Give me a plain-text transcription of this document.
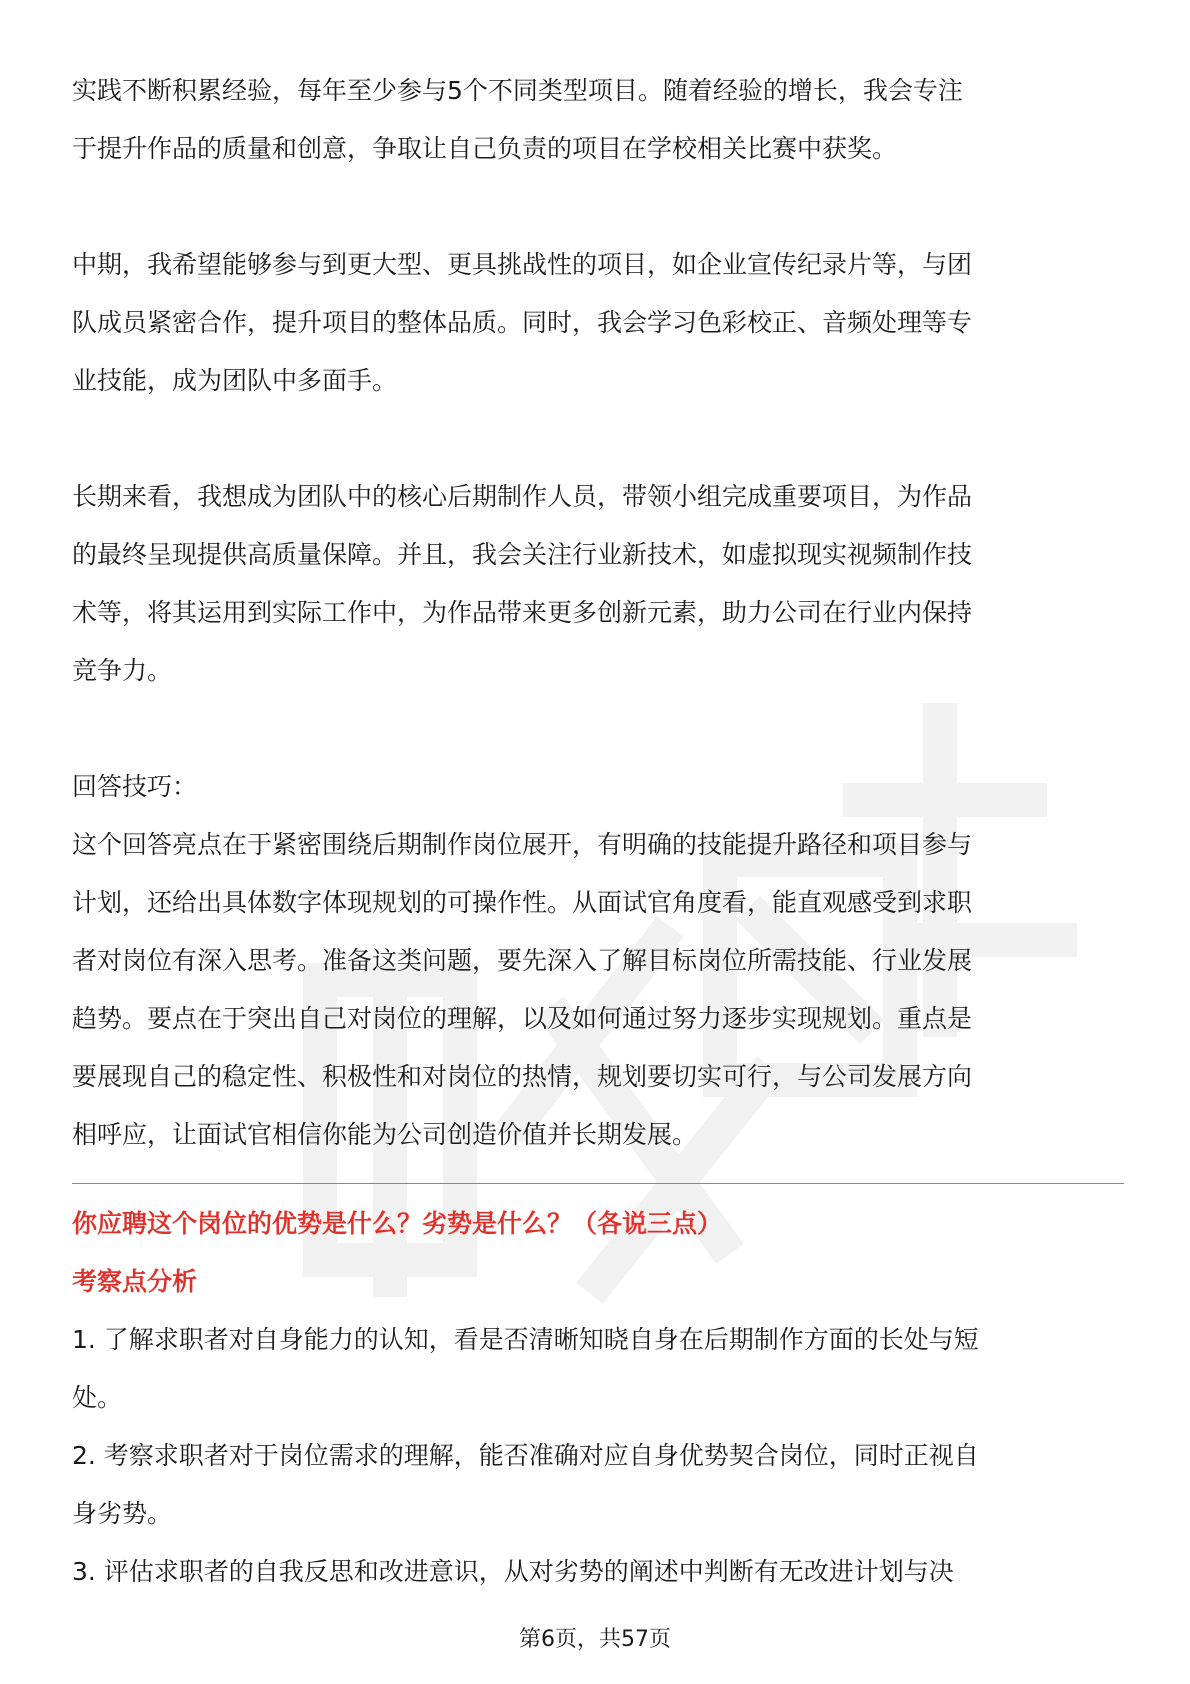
实践不断积累经验，每年至少参与5个不同类型项目。随着经验的增长，我会专注
于提升作品的质量和创意，争取让自己负责的项目在学校相关比赛中获奖。

中期，我希望能够参与到更大型、更具挑战性的项目，如企业宣传纪录片等，与团
队成员紧密合作，提升项目的整体品质。同时，我会学习色彩校正、音频处理等专
业技能，成为团队中多面手。

长期来看，我想成为团队中的核心后期制作人员，带领小组完成重要项目，为作品
的最终呈现提供高质量保障。并且，我会关注行业新技术，如虚拟现实视频制作技
术等，将其运用到实际工作中，为作品带来更多创新元素，助力公司在行业内保持
竞争力。

回答技巧：

这个回答亮点在于紧密围绕后期制作岗位展开，有明确的技能提升路径和项目参与
计划，还给出具体数字体现规划的可操作性。从面试官角度看，能直观感受到求职
者对岗位有深入思考。准备这类问题，要先深入了解目标岗位所需技能、行业发展
趋势。要点在于突出自己对岗位的理解，以及如何通过努力逐步实现规划。重点是
要展现自己的稳定性、积极性和对岗位的热情，规划要切实可行，与公司发展方向
相呼应，让面试官相信你能为公司创造价值并长期发展。

你应聘这个岗位的优势是什么？劣势是什么？（各说三点）

考察点分析

1. 了解求职者对自身能力的认知，看是否清晰知晓自身在后期制作方面的长处与短
处。

2. 考察求职者对于岗位需求的理解，能否准确对应自身优势契合岗位，同时正视自
身劣势。

3. 评估求职者的自我反思和改进意识，从对劣势的阐述中判断有无改进计划与决

第6页，共57页
